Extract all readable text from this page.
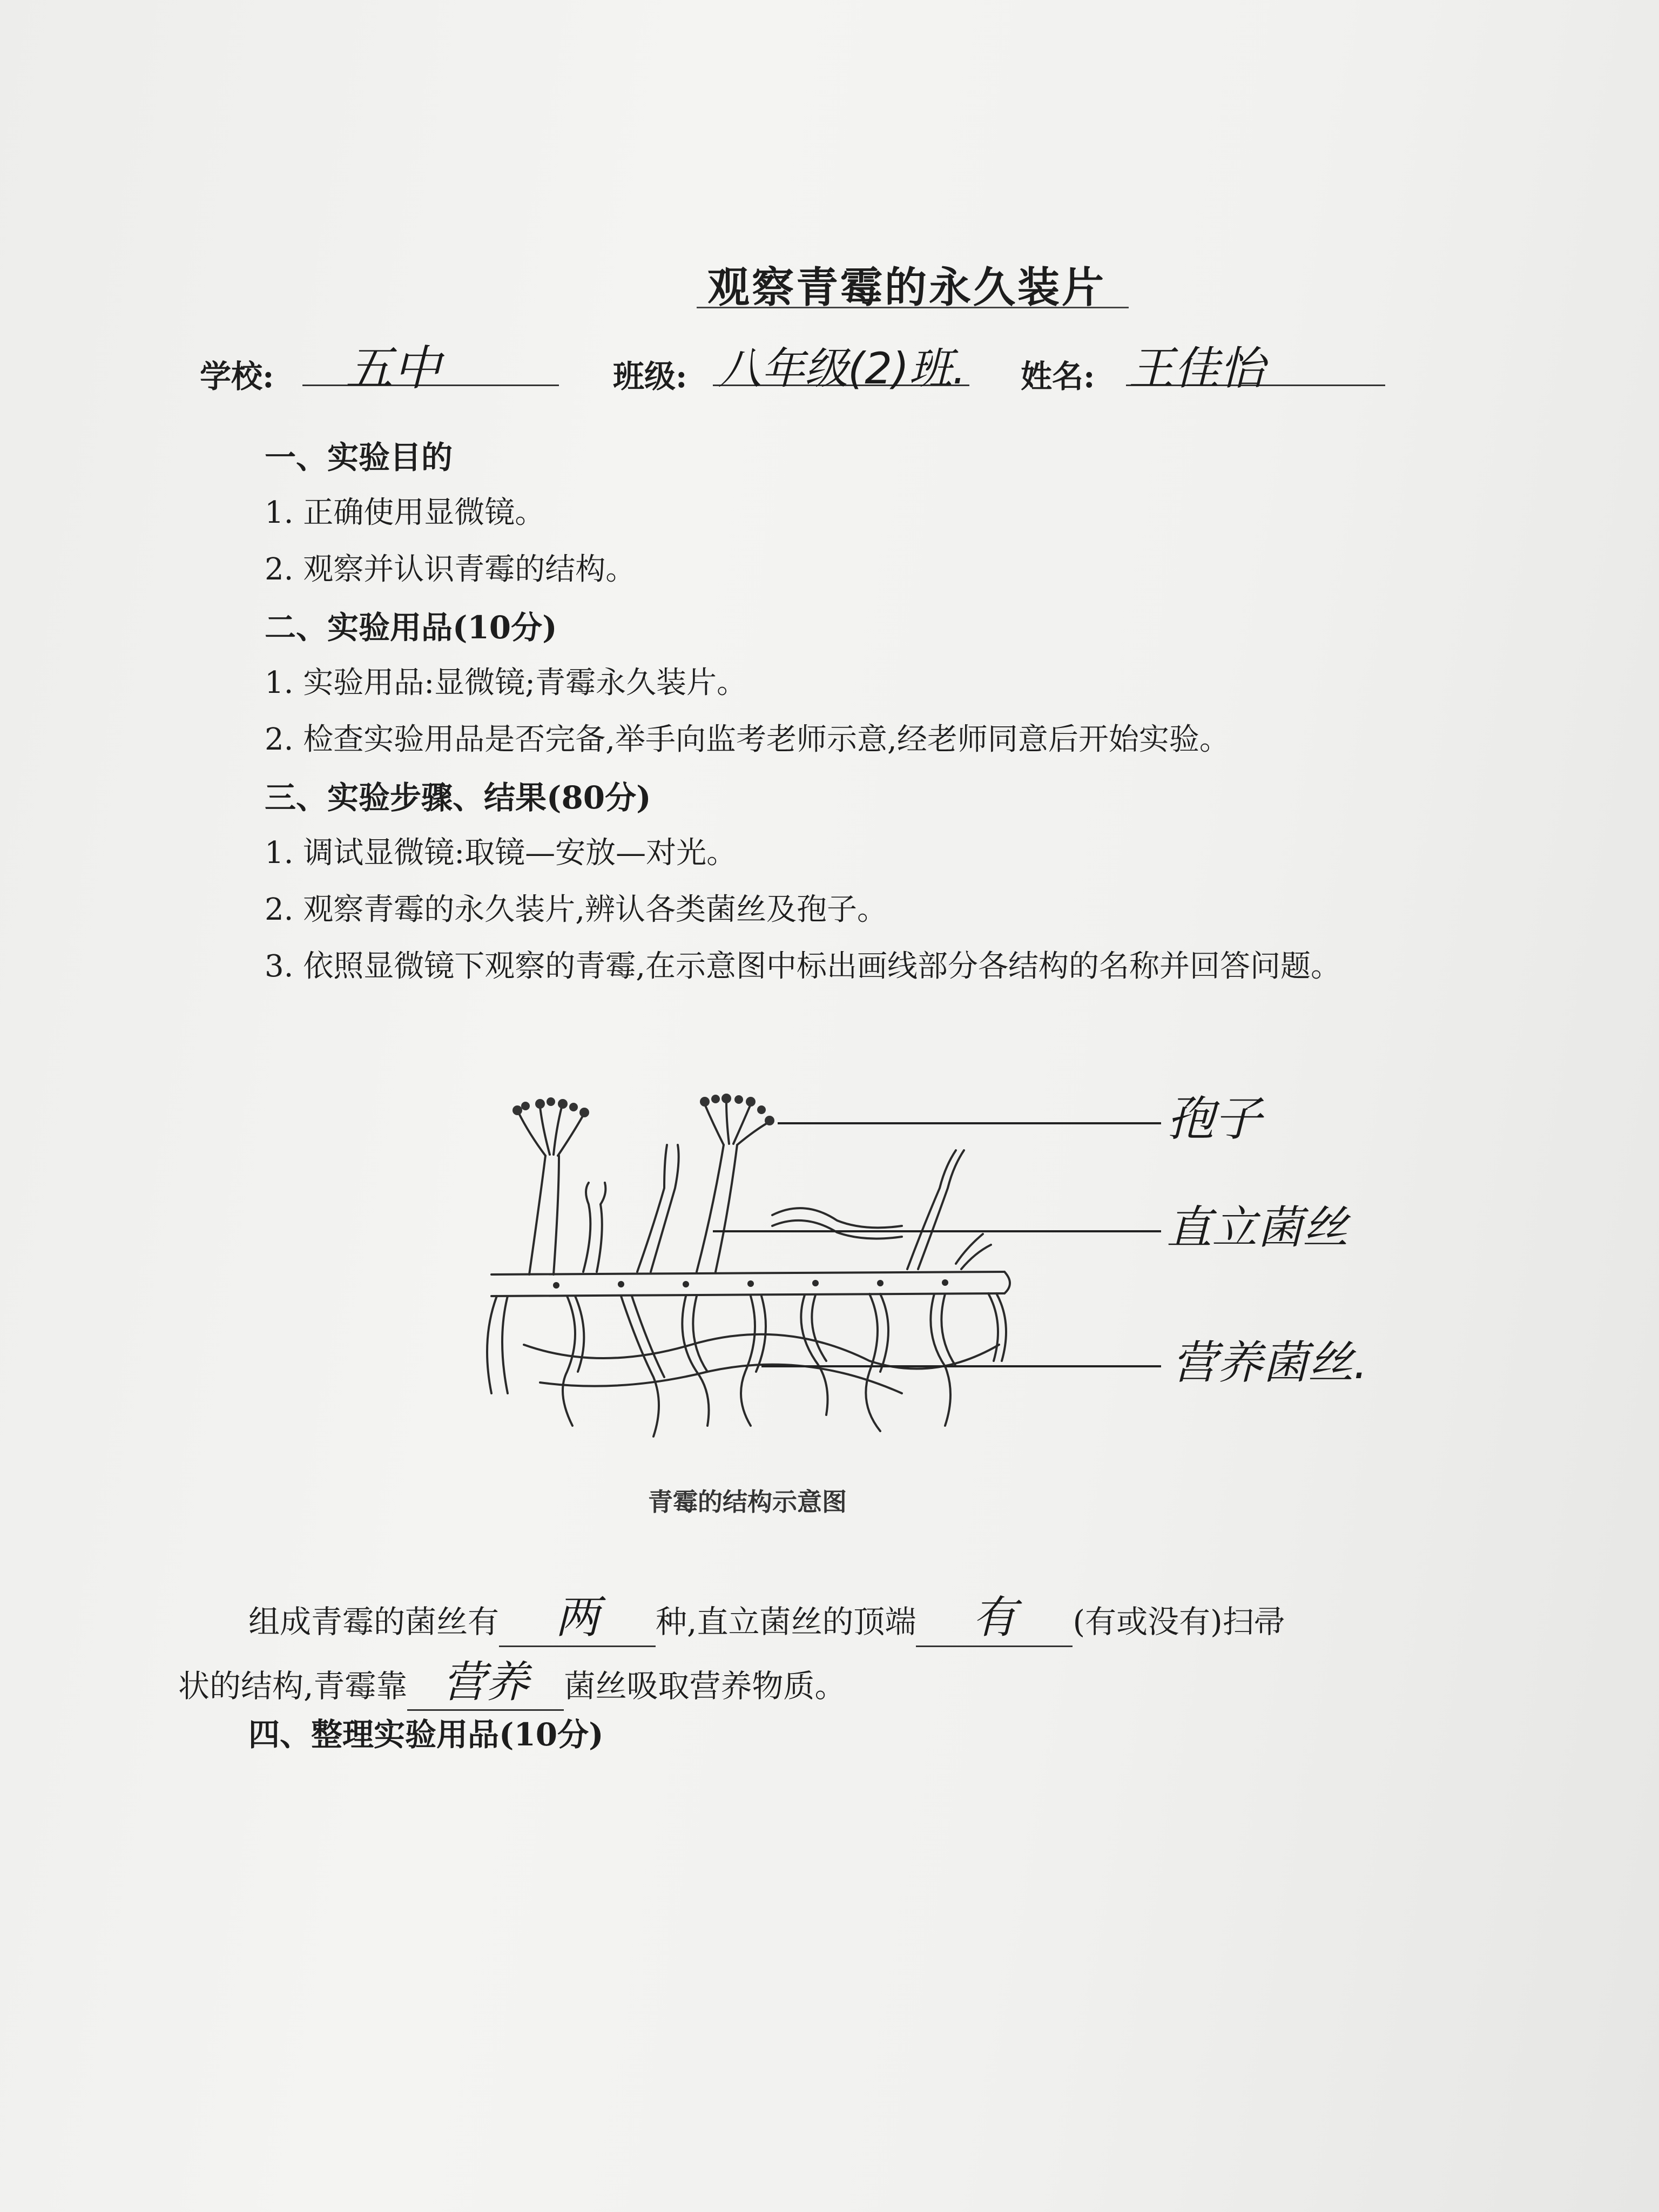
观察青霉的永久装片
学校: 五中	班级: 八年级(2)班. 姓名: 王佳怡
一、实验目的
1. 正确使用显微镜。
2. 观察并认识青霉的结构。
二、实验用品(10分)
1. 实验用品:显微镜;青霉永久装片。
2. 检查实验用品是否完备,举手向监考老师示意,经老师同意后开始实验。
三、实验步骤、结果(80分)
1. 调试显微镜:取镜—安放—对光。
2. 观察青霉的永久装片,辨认各类菌丝及孢子。
3. 依照显微镜下观察的青霉,在示意图中标出画线部分各结构的名称并回答问题。
孢子
直立菌丝
营养菌丝.
青霉的结构示意图
组成青霉的菌丝有 两 种,直立菌丝的顶端 有 (有或没有)扫帚
状的结构,青霉靠 营养 菌丝吸取营养物质。
四、整理实验用品(10分)
